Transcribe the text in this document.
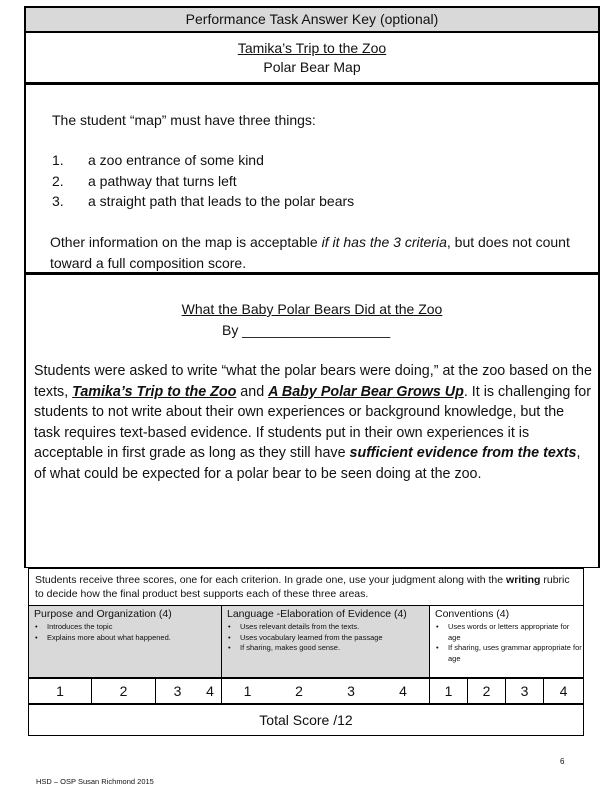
Performance Task Answer Key (optional)
Tamika’s Trip to the Zoo
Polar Bear Map
The student “map” must have three things:
1. a zoo entrance of some kind
2. a pathway that turns left
3. a straight path that leads to the polar bears
Other information on the map is acceptable if it has the 3 criteria, but does not count toward a full composition score.
What the Baby Polar Bears Did at the Zoo
By ___________________
Students were asked to write “what the polar bears were doing,” at the zoo based on the texts, Tamika’s Trip to the Zoo and A Baby Polar Bear Grows Up. It is challenging for students to not write about their own experiences or background knowledge, but the task requires text-based evidence. If students put in their own experiences it is acceptable in first grade as long as they still have sufficient evidence from the texts, of what could be expected for a polar bear to be seen doing at the zoo.
Students receive three scores, one for each criterion. In grade one, use your judgment along with the writing rubric to decide how the final product best supports each of these three areas.
Purpose and Organization (4)
• Introduces the topic
• Explains more about what happened.
Language -Elaboration of Evidence (4)
• Uses relevant details from the texts.
• Uses vocabulary learned from the passage
• If sharing, makes good sense.
Conventions (4)
• Uses words or letters appropriate for age
• If sharing, uses grammar appropriate for age
1	2	3	4	1	2	3	4	1	2	3	4
Total Score /12
6
HSD – OSP Susan Richmond 2015
